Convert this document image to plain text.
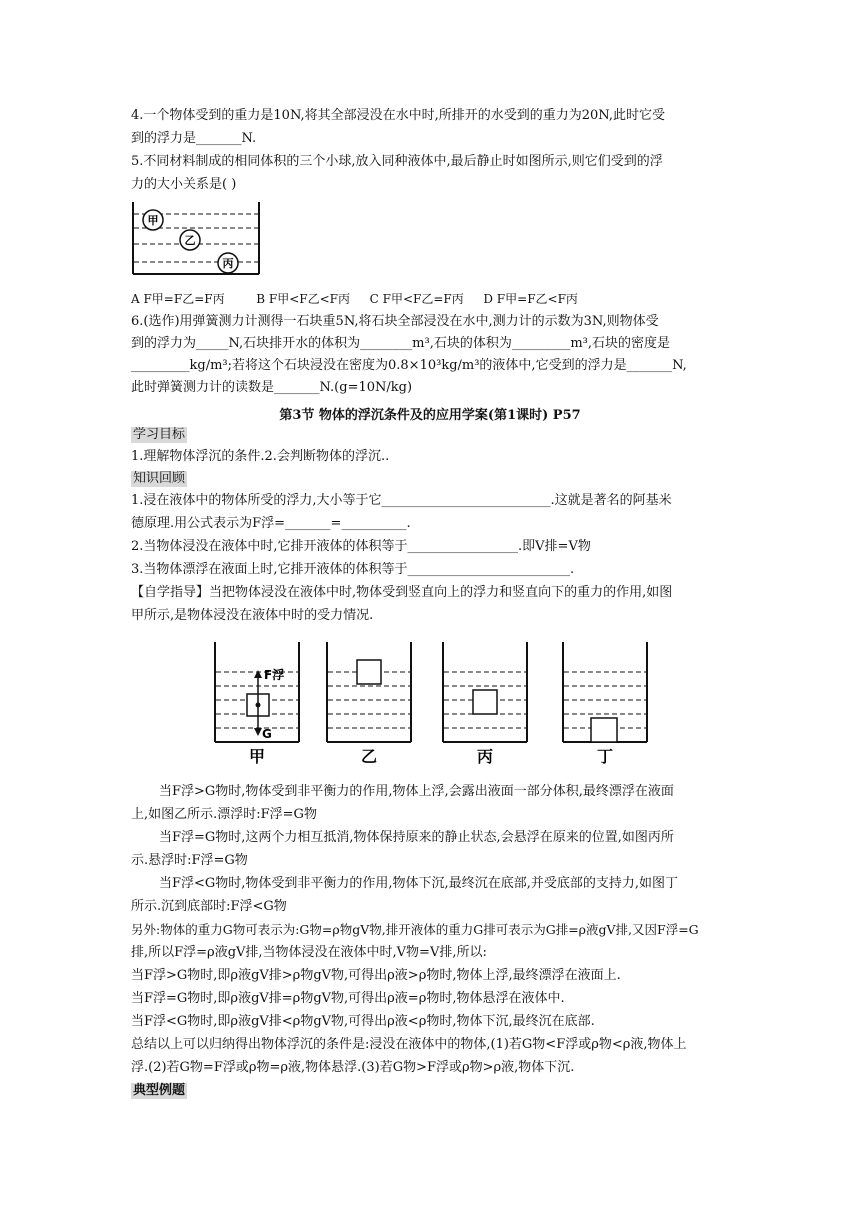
4.一个物体受到的重力是10N,将其全部浸没在水中时,所排开的水受到的重力为20N,此时它受
到的浮力是_______N.
5.不同材料制成的相同体积的三个小球,放入同种液体中,最后静止时如图所示,则它们受到的浮
力的大小关系是( )
甲
乙
丙
A F甲=F乙=F丙	B F甲<F乙<F丙 C F甲<F乙=F丙 D F甲=F乙<F丙
6.(选作)用弹簧测力计测得一石块重5N,将石块全部浸没在水中,测力计的示数为3N,则物体受
到的浮力为_____N,石块排开水的体积为________m³,石块的体积为_________m³,石块的密度是
_________kg/m³;若将这个石块浸没在密度为0.8×10³kg/m³的液体中,它受到的浮力是_______N,
此时弹簧测力计的读数是_______N.(g=10N/kg)
第3节 物体的浮沉条件及的应用学案(第1课时) P57
学习目标
1.理解物体浮沉的条件.2.会判断物体的浮沉..
知识回顾
1.浸在液体中的物体所受的浮力,大小等于它__________________________.这就是著名的阿基米
德原理.用公式表示为F浮=_______=__________.
2.当物体浸没在液体中时,它排开液体的体积等于_________________.即V排=V物
3.当物体漂浮在液面上时,它排开液体的体积等于_________________________.
【自学指导】当把物体浸没在液体中时,物体受到竖直向上的浮力和竖直向下的重力的作用,如图
甲所示,是物体浸没在液体中时的受力情况.
F浮
G
甲	乙	丙	丁
当F浮>G物时,物体受到非平衡力的作用,物体上浮,会露出液面一部分体积,最终漂浮在液面
上,如图乙所示.漂浮时:F浮=G物
当F浮=G物时,这两个力相互抵消,物体保持原来的静止状态,会悬浮在原来的位置,如图丙所
示.悬浮时:F浮=G物
当F浮<G物时,物体受到非平衡力的作用,物体下沉,最终沉在底部,并受底部的支持力,如图丁
所示.沉到底部时:F浮<G物
另外:物体的重力G物可表示为:G物=ρ物gV物,排开液体的重力G排可表示为G排=ρ液gV排,又因F浮=G
排,所以F浮=ρ液gV排,当物体浸没在液体中时,V物=V排,所以:
当F浮>G物时,即ρ液gV排>ρ物gV物,可得出ρ液>ρ物时,物体上浮,最终漂浮在液面上.
当F浮=G物时,即ρ液gV排=ρ物gV物,可得出ρ液=ρ物时,物体悬浮在液体中.
当F浮<G物时,即ρ液gV排<ρ物gV物,可得出ρ液<ρ物时,物体下沉,最终沉在底部.
总结以上可以归纳得出物体浮沉的条件是:浸没在液体中的物体,(1)若G物<F浮或ρ物<ρ液,物体上
浮.(2)若G物=F浮或ρ物=ρ液,物体悬浮.(3)若G物>F浮或ρ物>ρ液,物体下沉.
典型例题
